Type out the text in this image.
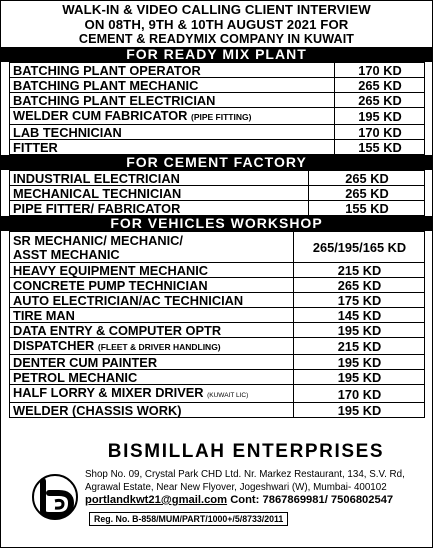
WALK-IN & VIDEO CALLING CLIENT INTERVIEW
ON 08TH, 9TH & 10TH AUGUST 2021 FOR
CEMENT & READYMIX COMPANY IN KUWAIT
FOR READY MIX PLANT
BATCHING PLANT OPERATOR	170 KD
BATCHING PLANT MECHANIC	265 KD
BATCHING PLANT ELECTRICIAN	265 KD
WELDER CUM FABRICATOR (PIPE FITTING)	195 KD
LAB TECHNICIAN	170 KD
FITTER	155 KD
FOR CEMENT FACTORY
INDUSTRIAL ELECTRICIAN	265 KD
MECHANICAL TECHNICIAN	265 KD
PIPE FITTER/ FABRICATOR	155 KD
FOR VEHICLES WORKSHOP
SR MECHANIC/ MECHANIC/
ASST MECHANIC	265/195/165 KD
HEAVY EQUIPMENT MECHANIC	215 KD
CONCRETE PUMP TECHNICIAN	265 KD
AUTO ELECTRICIAN/AC TECHNICIAN	175 KD
TIRE MAN	145 KD
DATA ENTRY & COMPUTER OPTR	195 KD
DISPATCHER (FLEET & DRIVER HANDLING)	215 KD
DENTER CUM PAINTER	195 KD
PETROL MECHANIC	195 KD
HALF LORRY & MIXER DRIVER (KUWAIT LIC)	170 KD
WELDER (CHASSIS WORK)	195 KD
BISMILLAH ENTERPRISES
Shop No. 09, Crystal Park CHD Ltd. Nr. Markez Restaurant, 134, S.V. Rd,
Agrawal Estate, Near New Flyover, Jogeshwari (W), Mumbai- 400102
portlandkwt21@gmail.com Cont: 7867869981/ 7506802547
Reg. No. B-858/MUM/PART/1000+/5/8733/2011
